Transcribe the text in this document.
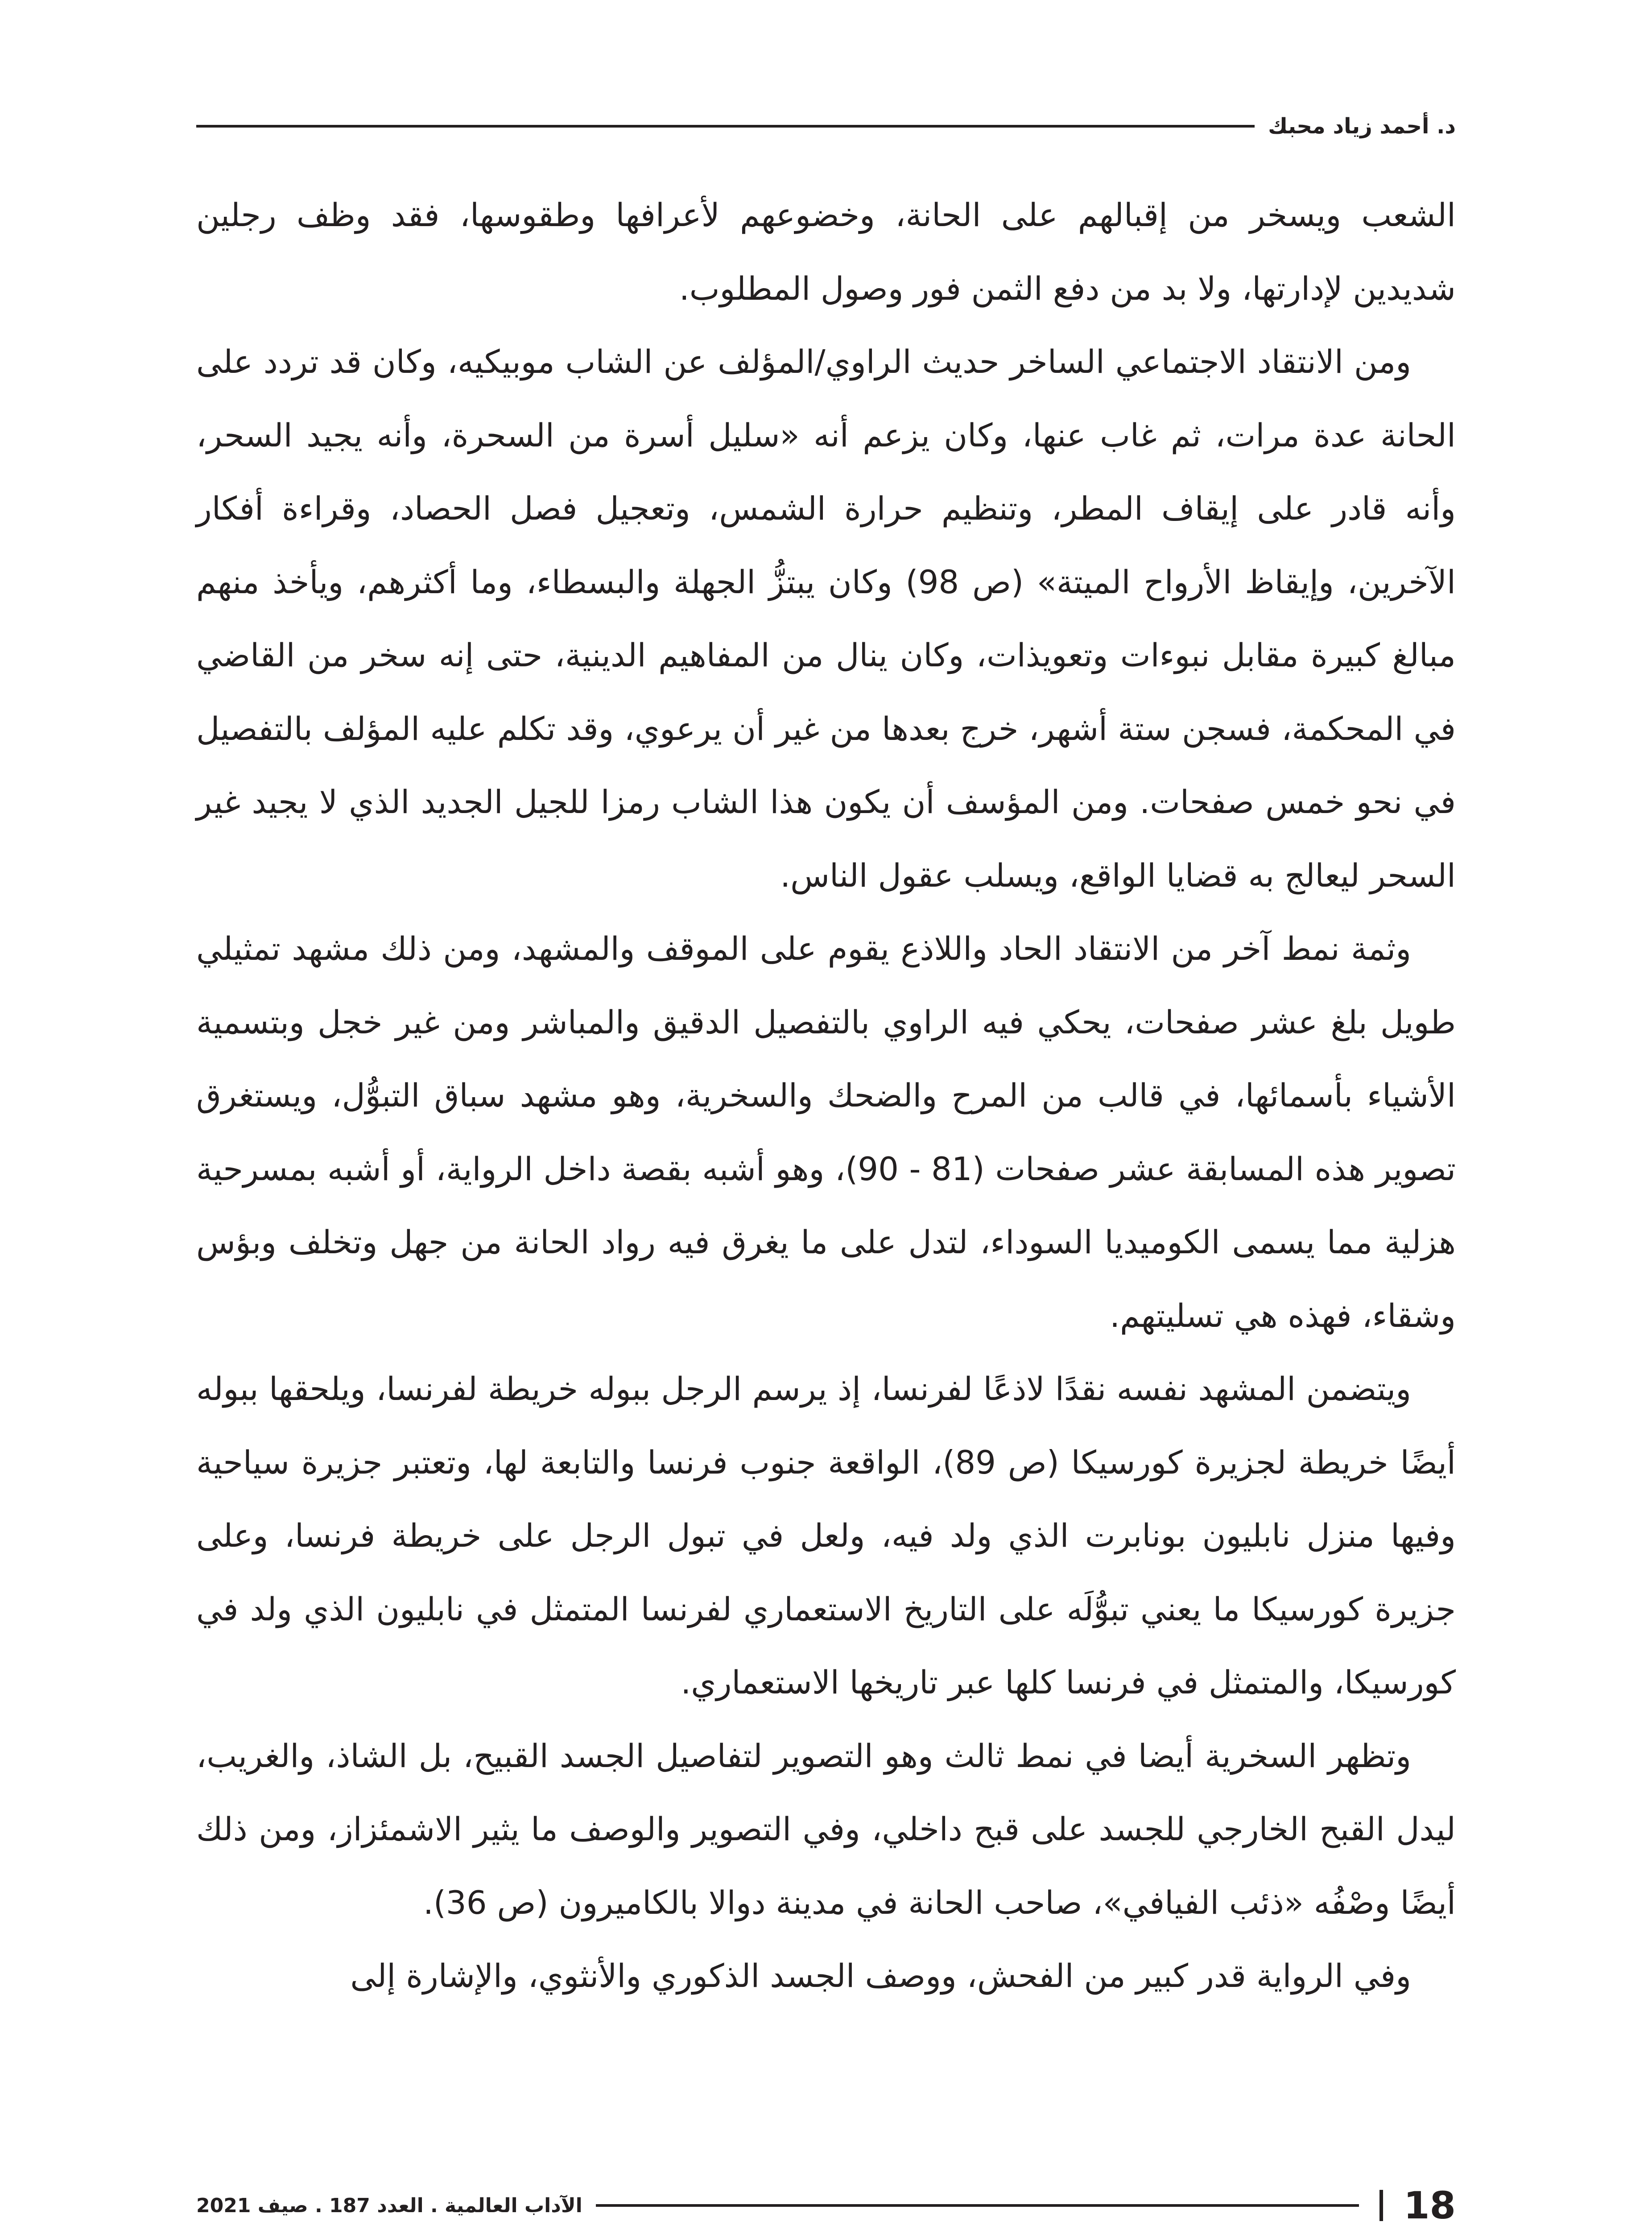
د. أحمد زياد محبك

الشعب ويسخر من إقبالهم على الحانة، وخضوعهم لأعرافها وطقوسها، فقد وظف رجلين شديدين لإدارتها، ولا بد من دفع الثمن فور وصول المطلوب.

ومن الانتقاد الاجتماعي الساخر حديث الراوي/المؤلف عن الشاب موبيكيه، وكان قد تردد على الحانة عدة مرات، ثم غاب عنها، وكان يزعم أنه «سليل أسرة من السحرة، وأنه يجيد السحر، وأنه قادر على إيقاف المطر، وتنظيم حرارة الشمس، وتعجيل فصل الحصاد، وقراءة أفكار الآخرين، وإيقاظ الأرواح الميتة» (ص 98) وكان يبتزُّ الجهلة والبسطاء، وما أكثرهم، ويأخذ منهم مبالغ كبيرة مقابل نبوءات وتعويذات، وكان ينال من المفاهيم الدينية، حتى إنه سخر من القاضي في المحكمة، فسجن ستة أشهر، خرج بعدها من غير أن يرعوي، وقد تكلم عليه المؤلف بالتفصيل في نحو خمس صفحات. ومن المؤسف أن يكون هذا الشاب رمزا للجيل الجديد الذي لا يجيد غير السحر ليعالج به قضايا الواقع، ويسلب عقول الناس.

وثمة نمط آخر من الانتقاد الحاد واللاذع يقوم على الموقف والمشهد، ومن ذلك مشهد تمثيلي طويل بلغ عشر صفحات، يحكي فيه الراوي بالتفصيل الدقيق والمباشر ومن غير خجل وبتسمية الأشياء بأسمائها، في قالب من المرح والضحك والسخرية، وهو مشهد سباق التبوُّل، ويستغرق تصوير هذه المسابقة عشر صفحات (81 - 90)، وهو أشبه بقصة داخل الرواية، أو أشبه بمسرحية هزلية مما يسمى الكوميديا السوداء، لتدل على ما يغرق فيه رواد الحانة من جهل وتخلف وبؤس وشقاء، فهذه هي تسليتهم.

ويتضمن المشهد نفسه نقدًا لاذعًا لفرنسا، إذ يرسم الرجل ببوله خريطة لفرنسا، ويلحقها ببوله أيضًا خريطة لجزيرة كورسيكا (ص 89)، الواقعة جنوب فرنسا والتابعة لها، وتعتبر جزيرة سياحية وفيها منزل نابليون بونابرت الذي ولد فيه، ولعل في تبول الرجل على خريطة فرنسا، وعلى جزيرة كورسيكا ما يعني تبوُّلَه على التاريخ الاستعماري لفرنسا المتمثل في نابليون الذي ولد في كورسيكا، والمتمثل في فرنسا كلها عبر تاريخها الاستعماري.

وتظهر السخرية أيضا في نمط ثالث وهو التصوير لتفاصيل الجسد القبيح، بل الشاذ، والغريب، ليدل القبح الخارجي للجسد على قبح داخلي، وفي التصوير والوصف ما يثير الاشمئزاز، ومن ذلك أيضًا وصْفُه «ذئب الفيافي»، صاحب الحانة في مدينة دوالا بالكاميرون (ص 36).

وفي الرواية قدر كبير من الفحش، ووصف الجسد الذكوري والأنثوي، والإشارة إلى

18
الآداب العالمية . العدد 187 . صيف 2021
